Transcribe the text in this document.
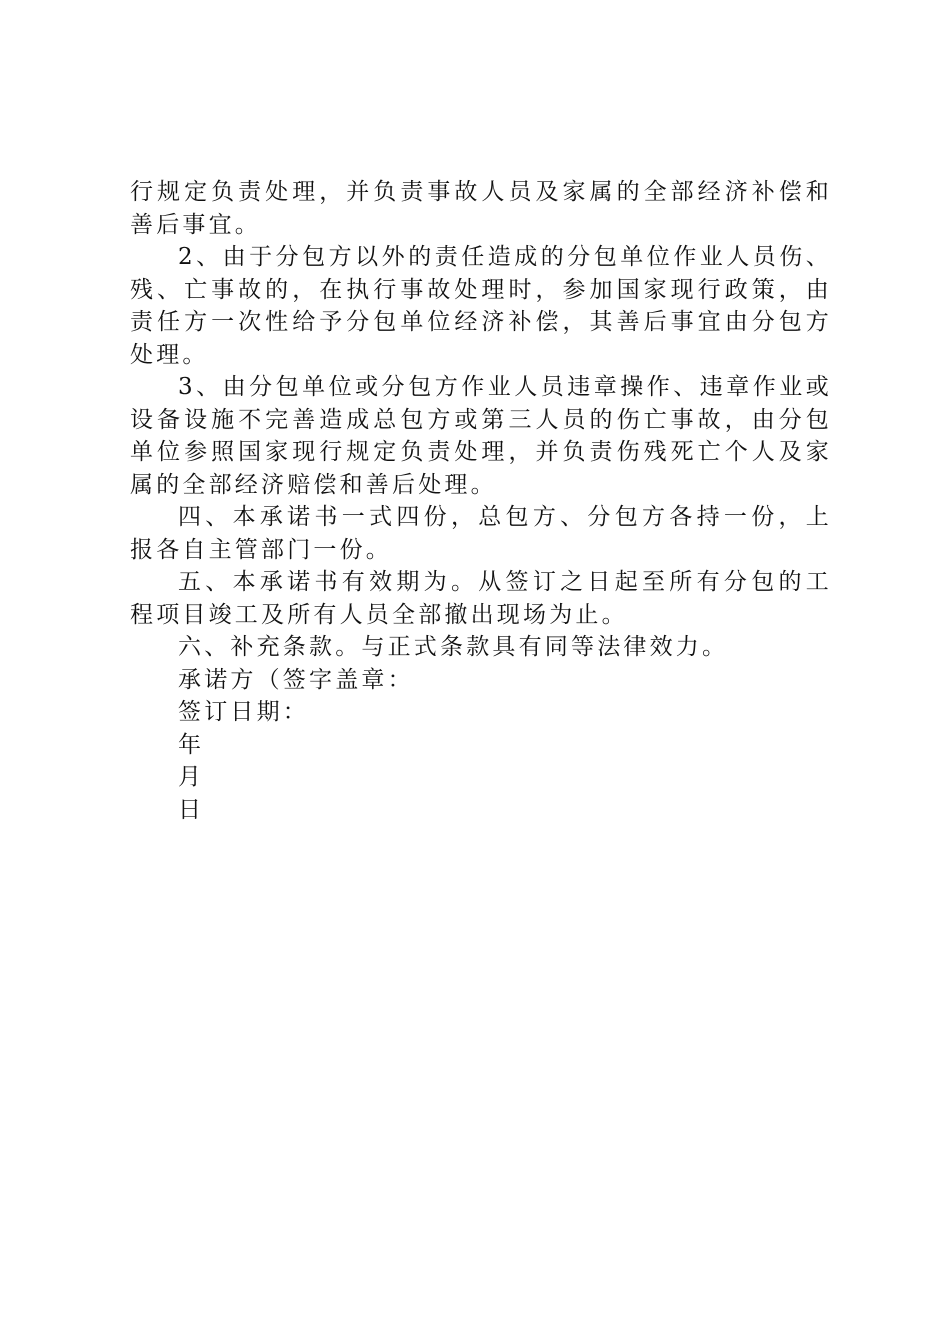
行规定负责处理，并负责事故人员及家属的全部经济补偿和善后事宜。

2、由于分包方以外的责任造成的分包单位作业人员伤、残、亡事故的，在执行事故处理时，参加国家现行政策，由责任方一次性给予分包单位经济补偿，其善后事宜由分包方处理。

3、由分包单位或分包方作业人员违章操作、违章作业或设备设施不完善造成总包方或第三人员的伤亡事故，由分包单位参照国家现行规定负责处理，并负责伤残死亡个人及家属的全部经济赔偿和善后处理。

四、本承诺书一式四份，总包方、分包方各持一份，上报各自主管部门一份。

五、本承诺书有效期为。从签订之日起至所有分包的工程项目竣工及所有人员全部撤出现场为止。

六、补充条款。与正式条款具有同等法律效力。

承诺方（签字盖章：

签订日期：

年

月

日
